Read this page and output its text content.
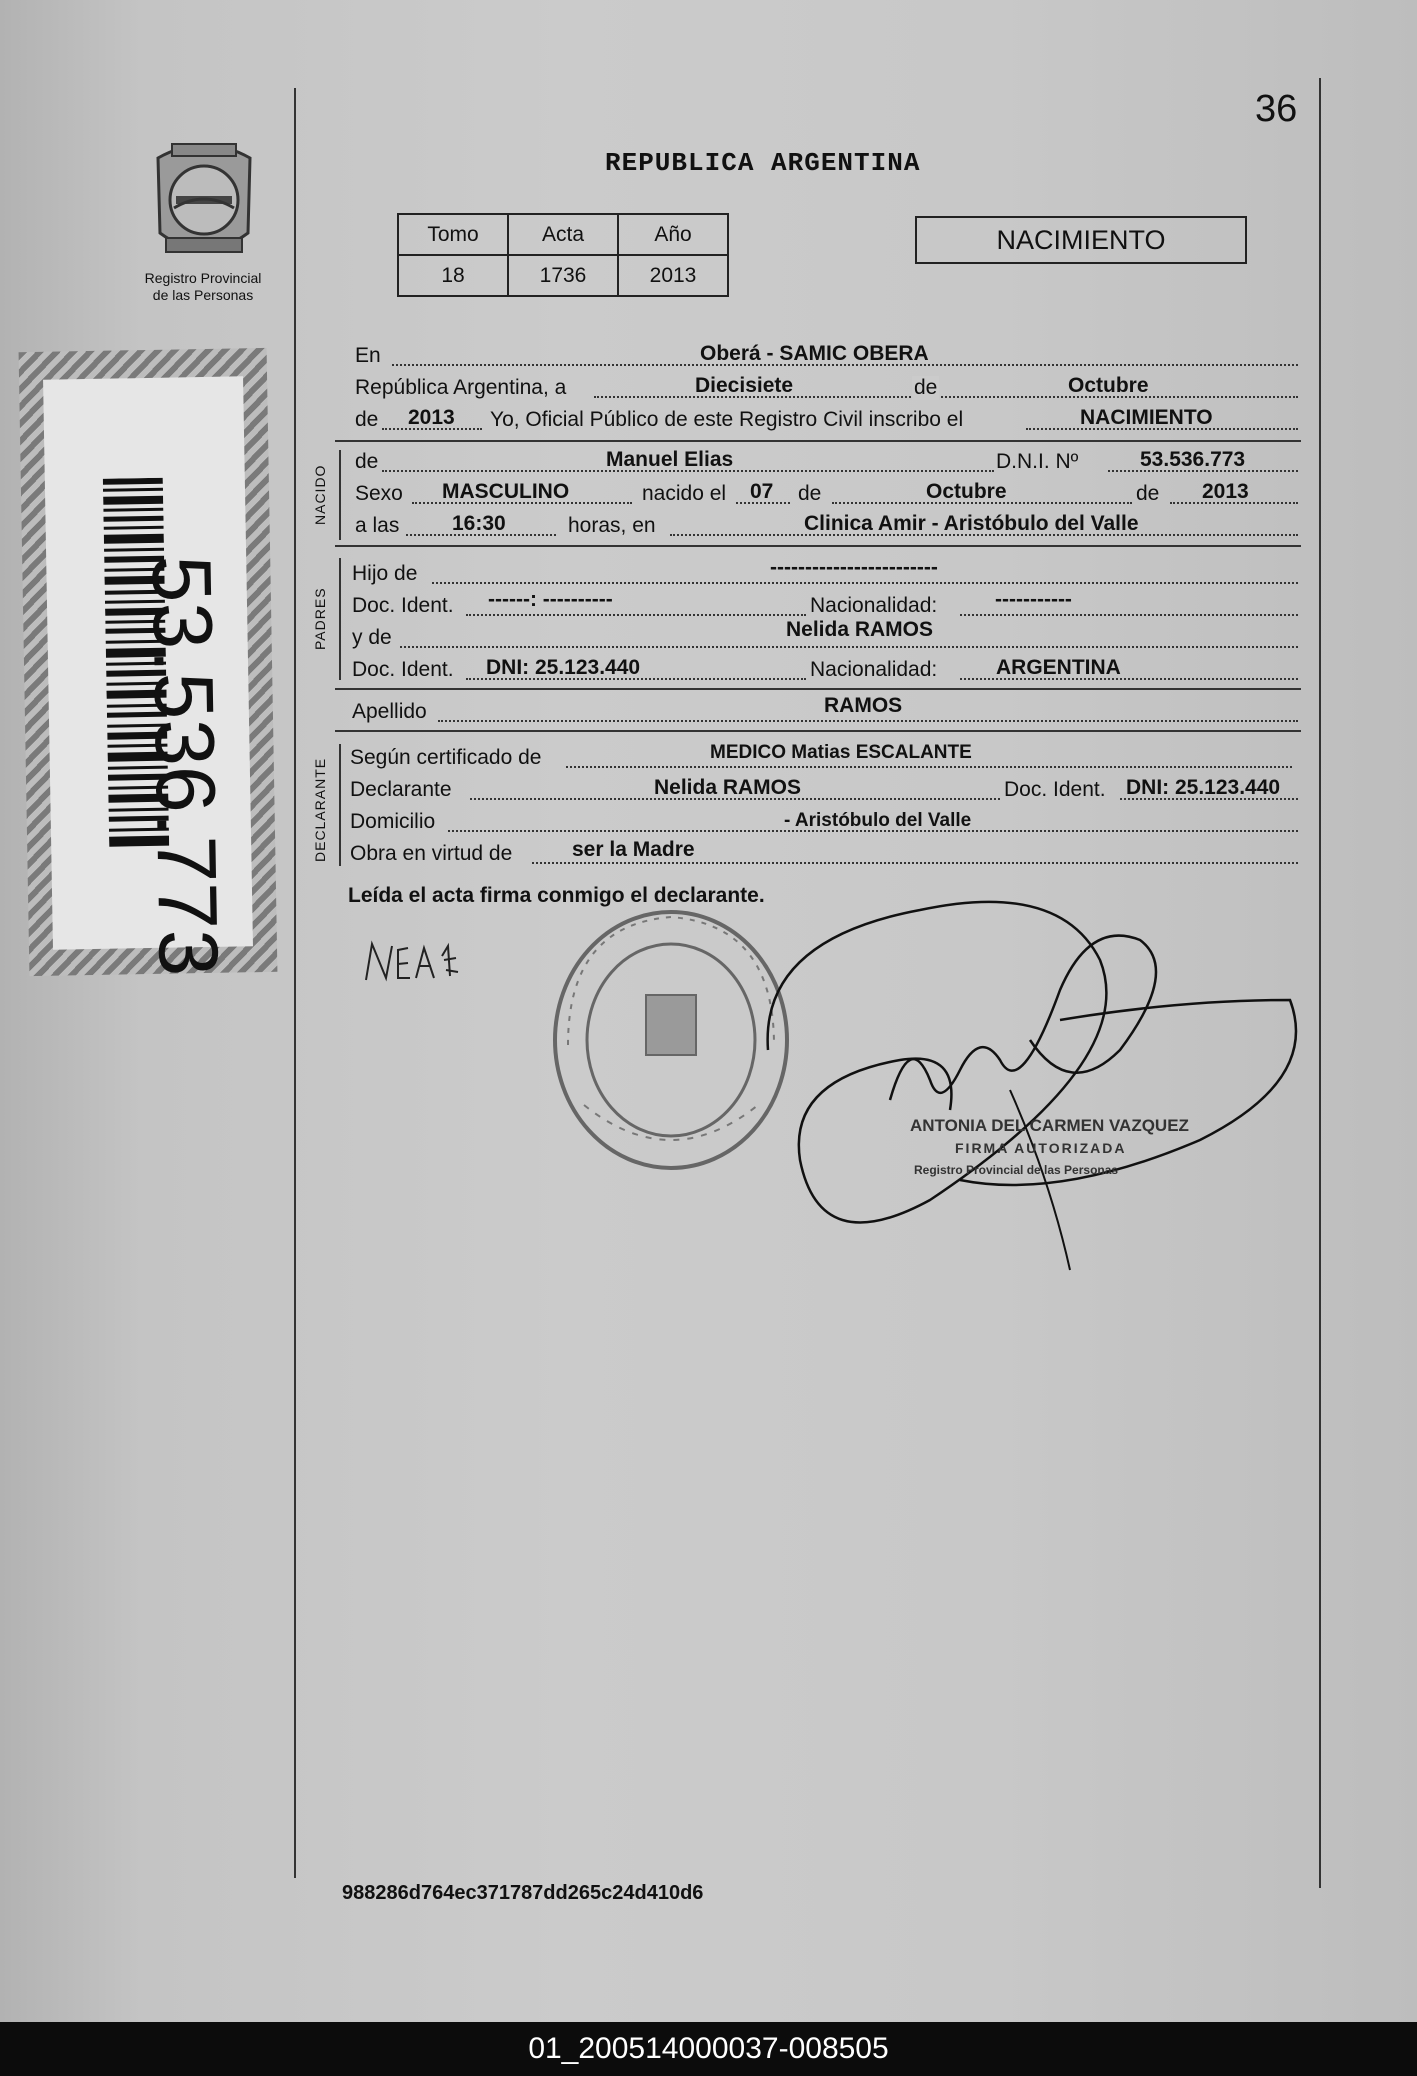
36
REPUBLICA ARGENTINA
Registro Provincial
de las Personas
Tomo	Acta	Año
18	1736	2013
NACIMIENTO
53.536.773
En	Oberá - SAMIC OBERA
República Argentina, a	Diecisiete	de	Octubre
de 2013 Yo, Oficial Público de este Registro Civil inscribo el	NACIMIENTO
NACIDO
de	Manuel Elias	D.N.I. Nº	53.536.773
Sexo MASCULINO	nacido el 07 de	Octubre	de 2013
a las	16:30	horas, en	Clinica Amir - Aristóbulo del Valle
PADRES
Hijo de	------------------------
Doc. Ident. ------: ----------	Nacionalidad:	-----------
y de	Nelida RAMOS
Doc. Ident. DNI: 25.123.440	Nacionalidad:	ARGENTINA
Apellido	RAMOS
DECLARANTE
Según certificado de	MEDICO Matias ESCALANTE
Declarante	Nelida RAMOS	Doc. Ident. DNI: 25.123.440
Domicilio	- Aristóbulo del Valle
Obra en virtud de	ser la Madre
Leída el acta firma conmigo el declarante.
ANTONIA DEL CARMEN VAZQUEZ
FIRMA AUTORIZADA
Registro Provincial de las Personas
988286d764ec371787dd265c24d410d6
01_200514000037-008505
